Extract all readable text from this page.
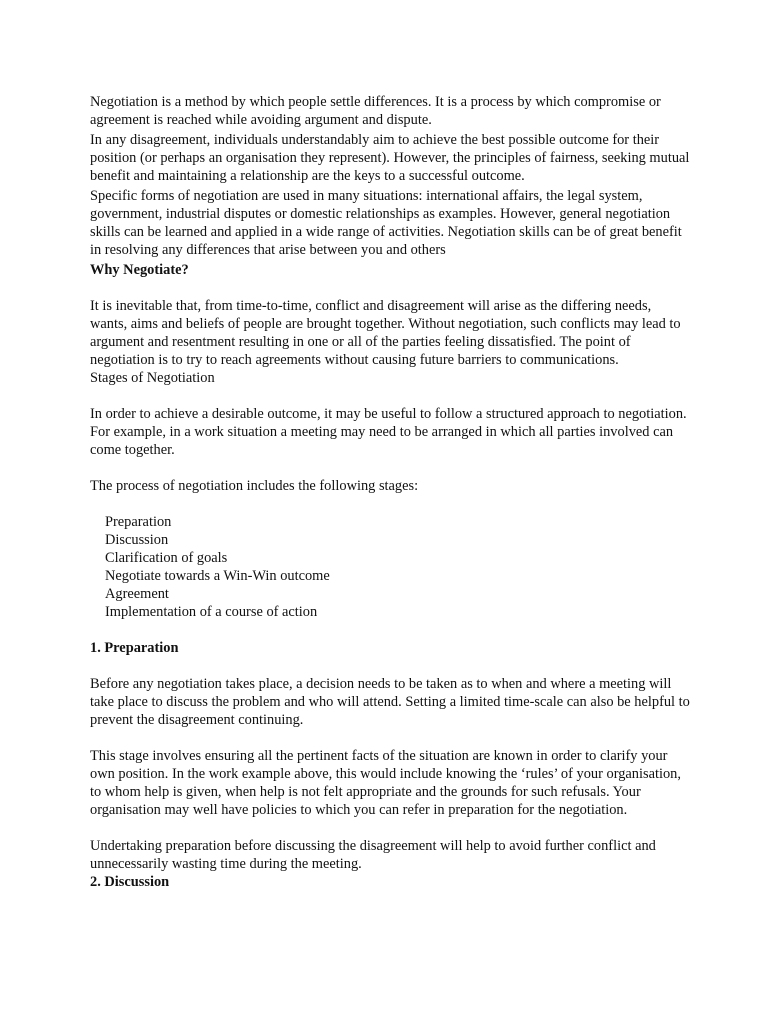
Negotiation is a method by which people settle differences. It is a process by which compromise or agreement is reached while avoiding argument and dispute.

In any disagreement, individuals understandably aim to achieve the best possible outcome for their position (or perhaps an organisation they represent). However, the principles of fairness, seeking mutual benefit and maintaining a relationship are the keys to a successful outcome.

Specific forms of negotiation are used in many situations: international affairs, the legal system, government, industrial disputes or domestic relationships as examples. However, general negotiation skills can be learned and applied in a wide range of activities. Negotiation skills can be of great benefit in resolving any differences that arise between you and others

Why Negotiate?

It is inevitable that, from time-to-time, conflict and disagreement will arise as the differing needs, wants, aims and beliefs of people are brought together. Without negotiation, such conflicts may lead to argument and resentment resulting in one or all of the parties feeling dissatisfied. The point of negotiation is to try to reach agreements without causing future barriers to communications.

Stages of Negotiation

In order to achieve a desirable outcome, it may be useful to follow a structured approach to negotiation. For example, in a work situation a meeting may need to be arranged in which all parties involved can come together.

The process of negotiation includes the following stages:

Preparation
Discussion
Clarification of goals
Negotiate towards a Win-Win outcome
Agreement
Implementation of a course of action
1. Preparation

Before any negotiation takes place, a decision needs to be taken as to when and where a meeting will take place to discuss the problem and who will attend. Setting a limited time-scale can also be helpful to prevent the disagreement continuing.

This stage involves ensuring all the pertinent facts of the situation are known in order to clarify your own position. In the work example above, this would include knowing the ‘rules’ of your organisation, to whom help is given, when help is not felt appropriate and the grounds for such refusals. Your organisation may well have policies to which you can refer in preparation for the negotiation.

Undertaking preparation before discussing the disagreement will help to avoid further conflict and unnecessarily wasting time during the meeting.

2. Discussion
